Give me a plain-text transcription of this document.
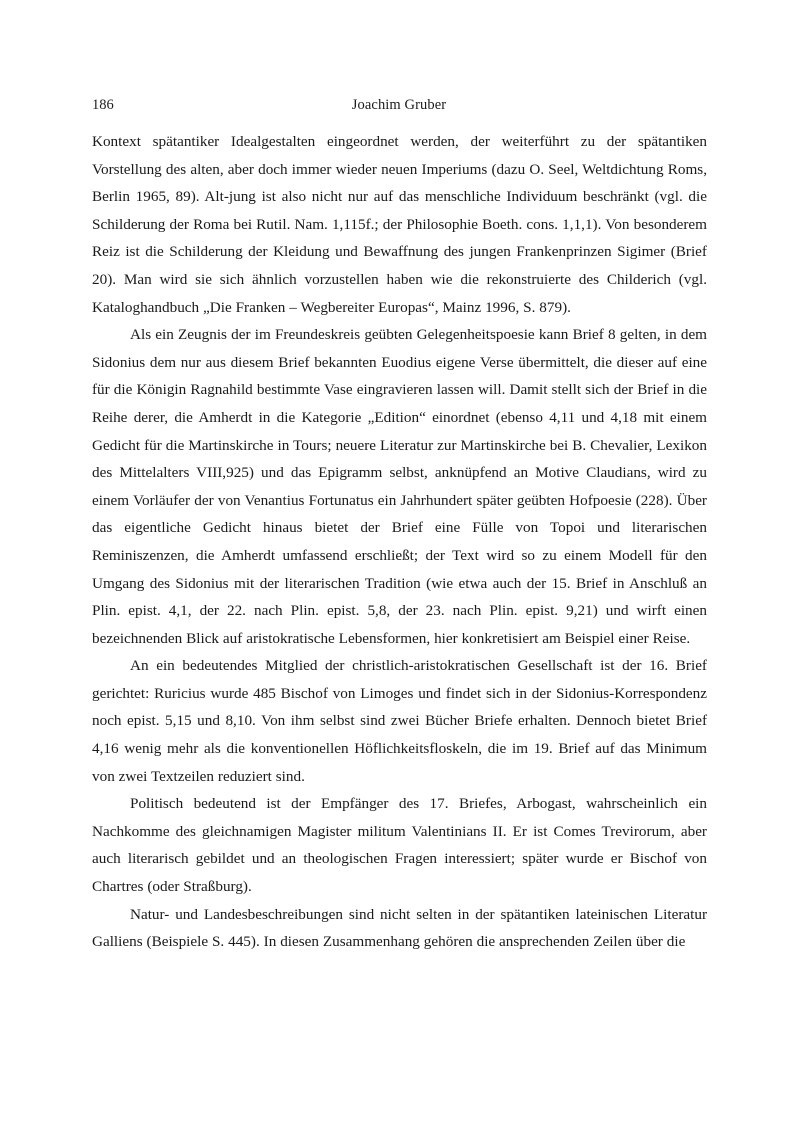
186	Joachim Gruber

Kontext spätantiker Idealgestalten eingeordnet werden, der weiterführt zu der spätantiken Vorstellung des alten, aber doch immer wieder neuen Imperiums (dazu O. Seel, Weltdichtung Roms, Berlin 1965, 89). Alt-jung ist also nicht nur auf das menschliche Individuum beschränkt (vgl. die Schilderung der Roma bei Rutil. Nam. 1,115f.; der Philosophie Boeth. cons. 1,1,1). Von besonderem Reiz ist die Schilderung der Kleidung und Bewaffnung des jungen Frankenprinzen Sigimer (Brief 20). Man wird sie sich ähnlich vorzustellen haben wie die rekonstruierte des Childerich (vgl. Kataloghandbuch „Die Franken – Wegbereiter Europas“, Mainz 1996, S. 879).

Als ein Zeugnis der im Freundeskreis geübten Gelegenheitspoesie kann Brief 8 gelten, in dem Sidonius dem nur aus diesem Brief bekannten Euodius eigene Verse übermittelt, die dieser auf eine für die Königin Ragnahild bestimmte Vase eingravieren lassen will. Damit stellt sich der Brief in die Reihe derer, die Amherdt in die Kategorie „Edition“ einordnet (ebenso 4,11 und 4,18 mit einem Gedicht für die Martinskirche in Tours; neuere Literatur zur Martinskirche bei B. Chevalier, Lexikon des Mittelalters VIII,925) und das Epigramm selbst, anknüpfend an Motive Claudians, wird zu einem Vorläufer der von Venantius Fortunatus ein Jahrhundert später geübten Hofpoesie (228). Über das eigentliche Gedicht hinaus bietet der Brief eine Fülle von Topoi und literarischen Reminiszenzen, die Amherdt umfassend erschließt; der Text wird so zu einem Modell für den Umgang des Sidonius mit der literarischen Tradition (wie etwa auch der 15. Brief in Anschluß an Plin. epist. 4,1, der 22. nach Plin. epist. 5,8, der 23. nach Plin. epist. 9,21) und wirft einen bezeichnenden Blick auf aristokratische Lebensformen, hier konkretisiert am Beispiel einer Reise.

An ein bedeutendes Mitglied der christlich-aristokratischen Gesellschaft ist der 16. Brief gerichtet: Ruricius wurde 485 Bischof von Limoges und findet sich in der Sidonius-Korrespondenz noch epist. 5,15 und 8,10. Von ihm selbst sind zwei Bücher Briefe erhalten. Dennoch bietet Brief 4,16 wenig mehr als die konventionellen Höflichkeitsfloskeln, die im 19. Brief auf das Minimum von zwei Textzeilen reduziert sind.

Politisch bedeutend ist der Empfänger des 17. Briefes, Arbogast, wahrscheinlich ein Nachkomme des gleichnamigen Magister militum Valentinians II. Er ist Comes Trevirorum, aber auch literarisch gebildet und an theologischen Fragen interessiert; später wurde er Bischof von Chartres (oder Straßburg).

Natur- und Landesbeschreibungen sind nicht selten in der spätantiken lateinischen Literatur Galliens (Beispiele S. 445). In diesen Zusammenhang gehören die ansprechenden Zeilen über die
